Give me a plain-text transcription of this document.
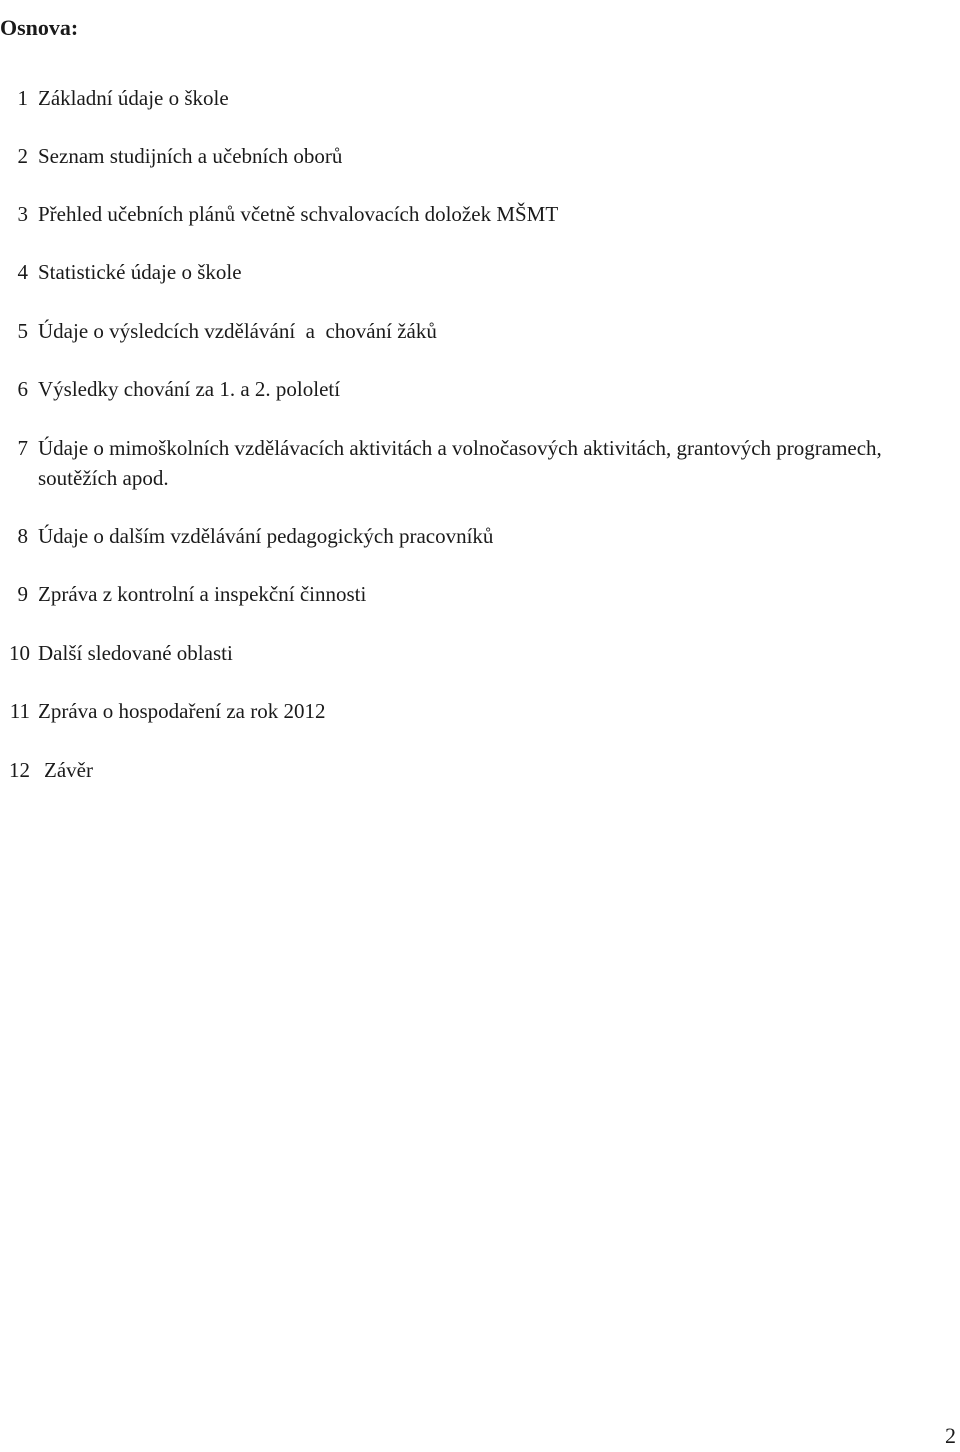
Osnova:
1 Základní údaje o škole
2 Seznam studijních a učebních oborů
3 Přehled učebních plánů včetně schvalovacích doložek MŠMT
4 Statistické údaje o škole
5 Údaje o výsledcích vzdělávání  a  chování žáků
6 Výsledky chování za 1. a 2. pololetí
7 Údaje o mimoškolních vzdělávacích aktivitách a volnočasových aktivitách, grantových programech, soutěžích apod.
8 Údaje o dalším vzdělávání pedagogických pracovníků
9 Zpráva z kontrolní a inspekční činnosti
10 Další sledované oblasti
11 Zpráva o hospodaření za rok 2012
12 Závěr
2
